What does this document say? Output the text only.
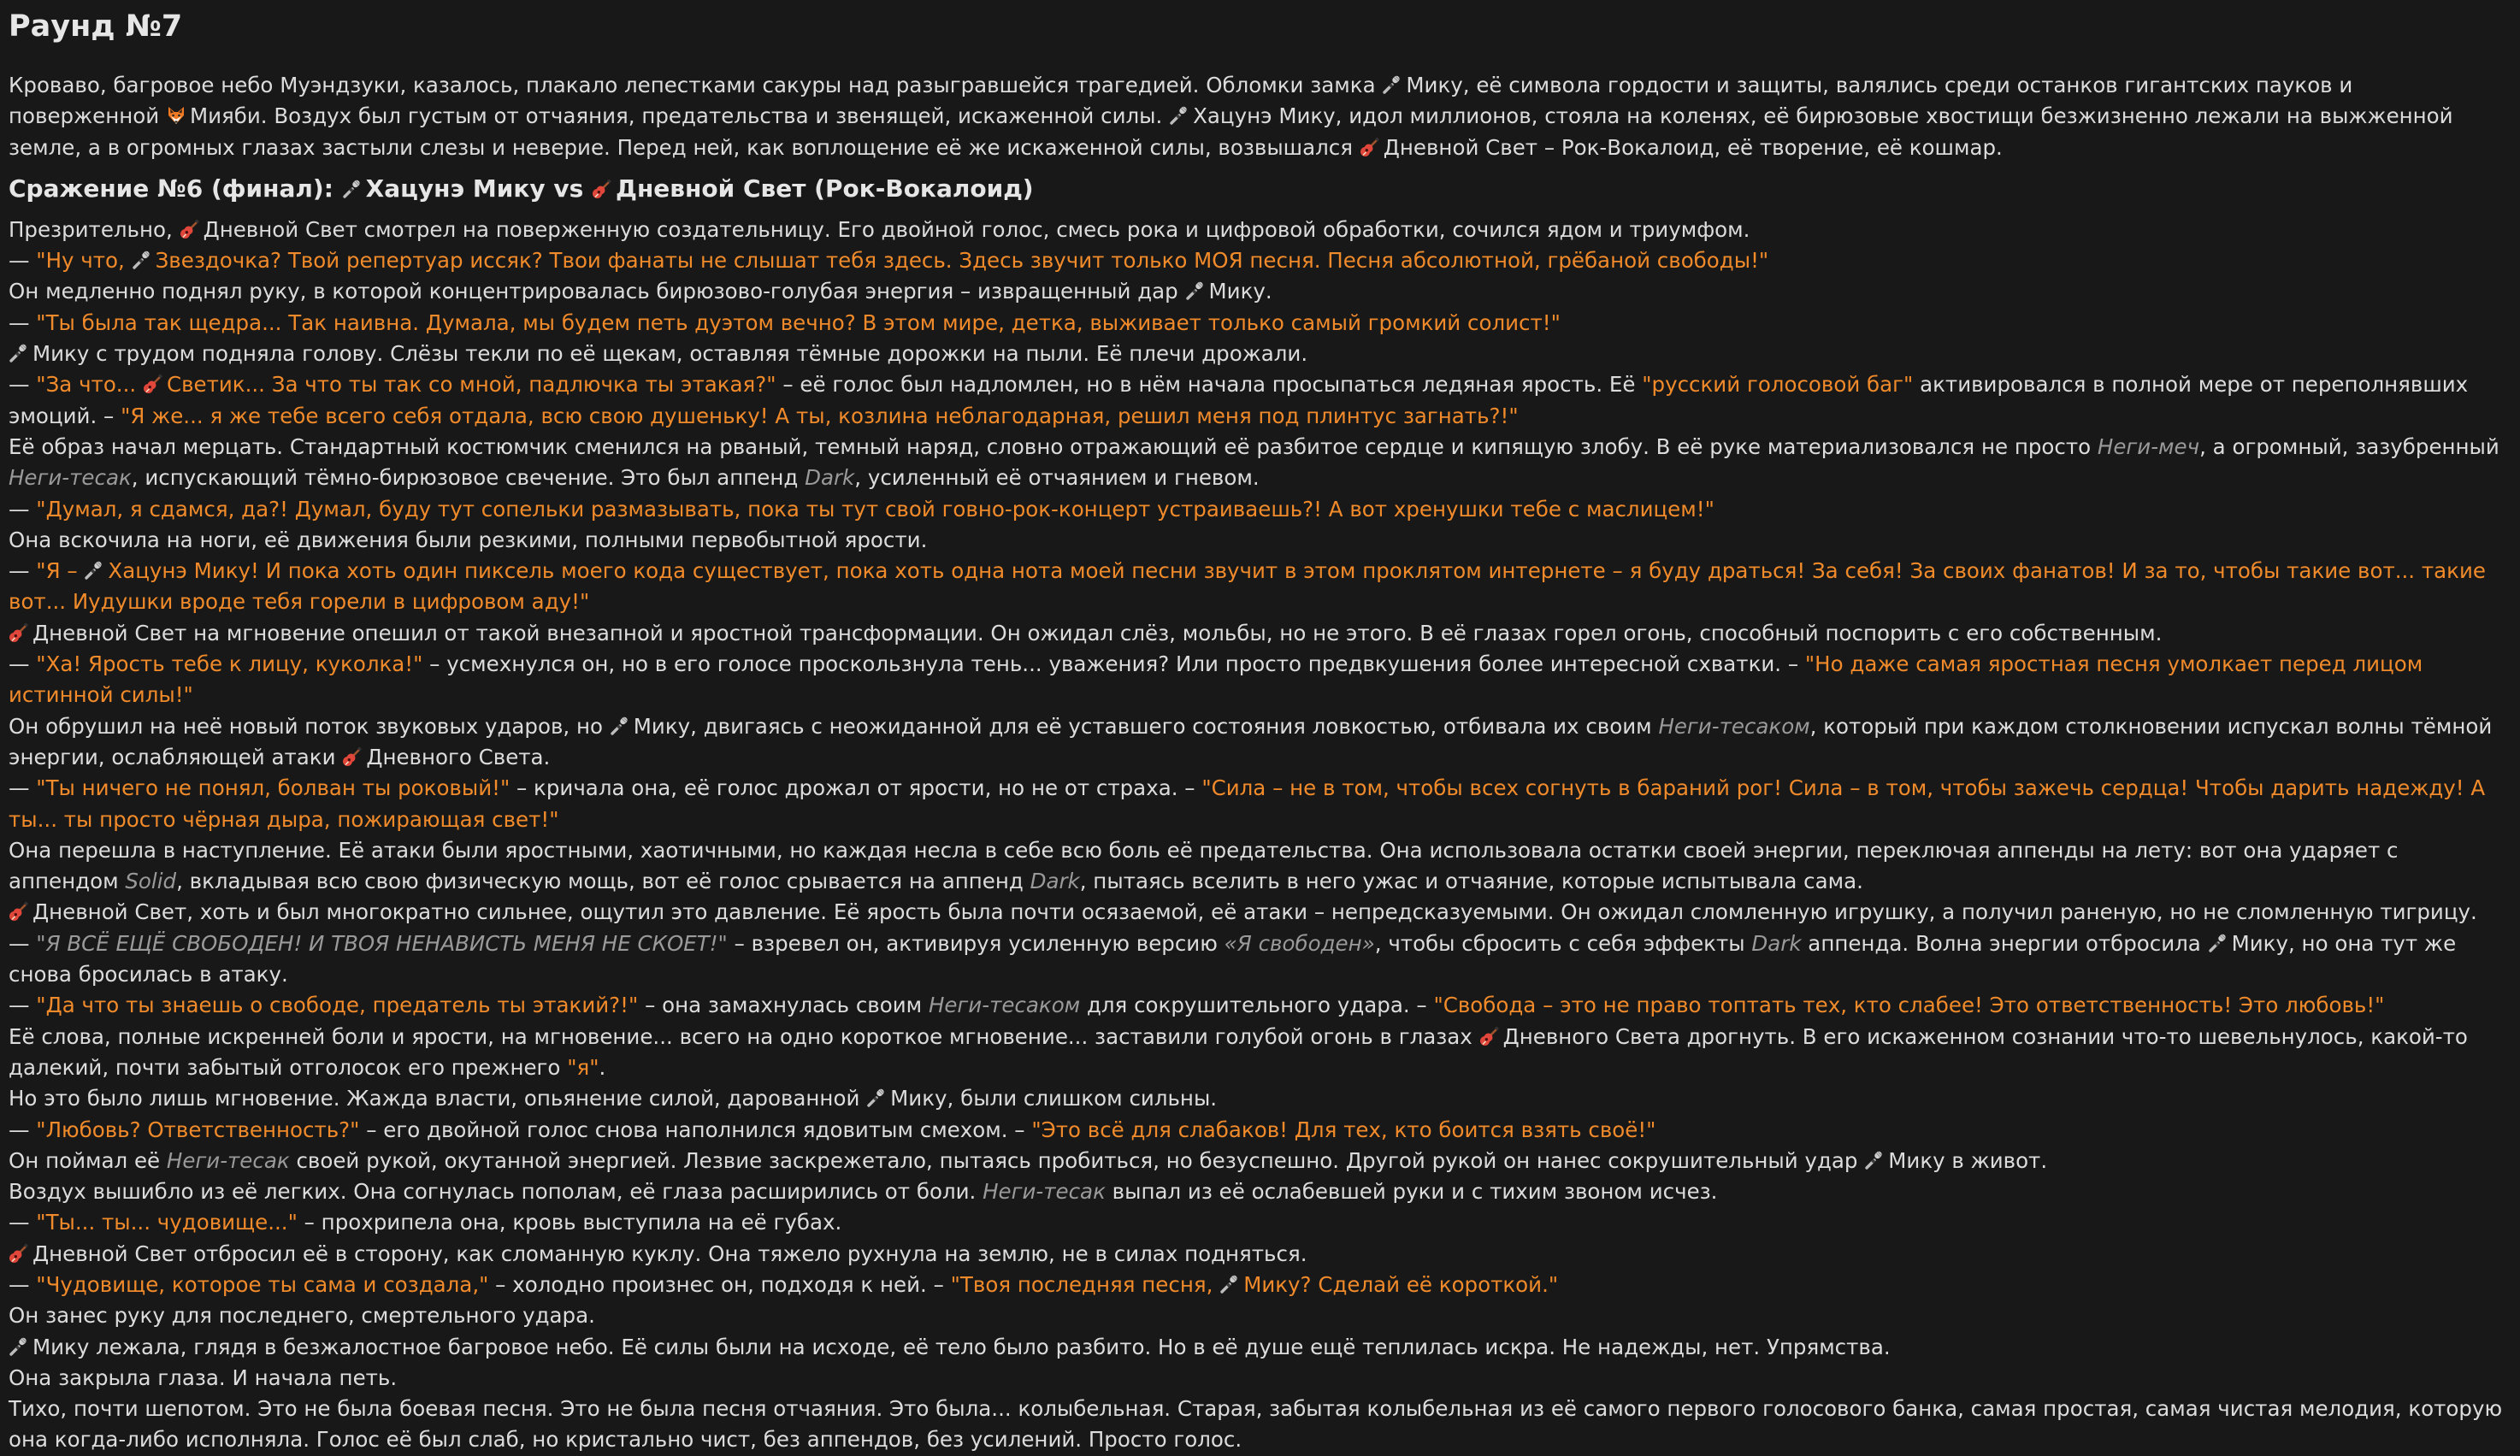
Раунд №7
Кроваво, багровое небо Муэндзуки, казалось, плакало лепестками сакуры над разыгравшейся трагедией. Обломки замка Мику, её символа гордости и защиты, валялись среди останков гигантских пауков и поверженной Мияби. Воздух был густым от отчаяния, предательства и звенящей, искаженной силы. Хацунэ Мику, идол миллионов, стояла на коленях, её бирюзовые хвостищи безжизненно лежали на выжженной земле, а в огромных глазах застыли слезы и неверие. Перед ней, как воплощение её же искаженной силы, возвышался Дневной Свет – Рок-Вокалоид, её творение, её кошмар.
Сражение №6 (финал): Хацунэ Мику vs Дневной Свет (Рок-Вокалоид)
Презрительно, Дневной Свет смотрел на поверженную создательницу. Его двойной голос, смесь рока и цифровой обработки, сочился ядом и триумфом.
— "Ну что, Звездочка? Твой репертуар иссяк? Твои фанаты не слышат тебя здесь. Здесь звучит только МОЯ песня. Песня абсолютной, грёбаной свободы!"
Он медленно поднял руку, в которой концентрировалась бирюзово-голубая энергия – извращенный дар Мику.
— "Ты была так щедра... Так наивна. Думала, мы будем петь дуэтом вечно? В этом мире, детка, выживает только самый громкий солист!"
Мику с трудом подняла голову. Слёзы текли по её щекам, оставляя тёмные дорожки на пыли. Её плечи дрожали.
— "За что... Светик... За что ты так со мной, падлючка ты этакая?" – её голос был надломлен, но в нём начала просыпаться ледяная ярость. Её "русский голосовой баг" активировался в полной мере от переполнявших эмоций. – "Я же... я же тебе всего себя отдала, всю свою душеньку! А ты, козлина неблагодарная, решил меня под плинтус загнать?!"
Её образ начал мерцать. Стандартный костюмчик сменился на рваный, темный наряд, словно отражающий её разбитое сердце и кипящую злобу. В её руке материализовался не просто Неги-меч, а огромный, зазубренный Неги-тесак, испускающий тёмно-бирюзовое свечение. Это был аппенд Dark, усиленный её отчаянием и гневом.
— "Думал, я сдамся, да?! Думал, буду тут сопельки размазывать, пока ты тут свой говно-рок-концерт устраиваешь?! А вот хренушки тебе с маслицем!"
Она вскочила на ноги, её движения были резкими, полными первобытной ярости.
— "Я – Хацунэ Мику! И пока хоть один пиксель моего кода существует, пока хоть одна нота моей песни звучит в этом проклятом интернете – я буду драться! За себя! За своих фанатов! И за то, чтобы такие вот... такие вот... Иудушки вроде тебя горели в цифровом аду!"
Дневной Свет на мгновение опешил от такой внезапной и яростной трансформации. Он ожидал слёз, мольбы, но не этого. В её глазах горел огонь, способный поспорить с его собственным.
— "Ха! Ярость тебе к лицу, куколка!" – усмехнулся он, но в его голосе проскользнула тень... уважения? Или просто предвкушения более интересной схватки. – "Но даже самая яростная песня умолкает перед лицом истинной силы!"
Он обрушил на неё новый поток звуковых ударов, но Мику, двигаясь с неожиданной для её уставшего состояния ловкостью, отбивала их своим Неги-тесаком, который при каждом столкновении испускал волны тёмной энергии, ослабляющей атаки Дневного Света.
— "Ты ничего не понял, болван ты роковый!" – кричала она, её голос дрожал от ярости, но не от страха. – "Сила – не в том, чтобы всех согнуть в бараний рог! Сила – в том, чтобы зажечь сердца! Чтобы дарить надежду! А ты... ты просто чёрная дыра, пожирающая свет!"
Она перешла в наступление. Её атаки были яростными, хаотичными, но каждая несла в себе всю боль её предательства. Она использовала остатки своей энергии, переключая аппенды на лету: вот она ударяет с аппендом Solid, вкладывая всю свою физическую мощь, вот её голос срывается на аппенд Dark, пытаясь вселить в него ужас и отчаяние, которые испытывала сама.
Дневной Свет, хоть и был многократно сильнее, ощутил это давление. Её ярость была почти осязаемой, её атаки – непредсказуемыми. Он ожидал сломленную игрушку, а получил раненую, но не сломленную тигрицу.
— "Я ВСЁ ЕЩЁ СВОБОДЕН! И ТВОЯ НЕНАВИСТЬ МЕНЯ НЕ СКОЕТ!" – взревел он, активируя усиленную версию «Я свободен», чтобы сбросить с себя эффекты Dark аппенда. Волна энергии отбросила Мику, но она тут же снова бросилась в атаку.
— "Да что ты знаешь о свободе, предатель ты этакий?!" – она замахнулась своим Неги-тесаком для сокрушительного удара. – "Свобода – это не право топтать тех, кто слабее! Это ответственность! Это любовь!"
Её слова, полные искренней боли и ярости, на мгновение... всего на одно короткое мгновение... заставили голубой огонь в глазах Дневного Света дрогнуть. В его искаженном сознании что-то шевельнулось, какой-то далекий, почти забытый отголосок его прежнего "я".
Но это было лишь мгновение. Жажда власти, опьянение силой, дарованной Мику, были слишком сильны.
— "Любовь? Ответственность?" – его двойной голос снова наполнился ядовитым смехом. – "Это всё для слабаков! Для тех, кто боится взять своё!"
Он поймал её Неги-тесак своей рукой, окутанной энергией. Лезвие заскрежетало, пытаясь пробиться, но безуспешно. Другой рукой он нанес сокрушительный удар Мику в живот.
Воздух вышибло из её легких. Она согнулась пополам, её глаза расширились от боли. Неги-тесак выпал из её ослабевшей руки и с тихим звоном исчез.
— "Ты... ты... чудовище..." – прохрипела она, кровь выступила на её губах.
Дневной Свет отбросил её в сторону, как сломанную куклу. Она тяжело рухнула на землю, не в силах подняться.
— "Чудовище, которое ты сама и создала," – холодно произнес он, подходя к ней. – "Твоя последняя песня, Мику? Сделай её короткой."
Он занес руку для последнего, смертельного удара.
Мику лежала, глядя в безжалостное багровое небо. Её силы были на исходе, её тело было разбито. Но в её душе ещё теплилась искра. Не надежды, нет. Упрямства.
Она закрыла глаза. И начала петь.
Тихо, почти шепотом. Это не была боевая песня. Это не была песня отчаяния. Это была... колыбельная. Старая, забытая колыбельная из её самого первого голосового банка, самая простая, самая чистая мелодия, которую она когда-либо исполняла. Голос её был слаб, но кристально чист, без аппендов, без усилений. Просто голос.
